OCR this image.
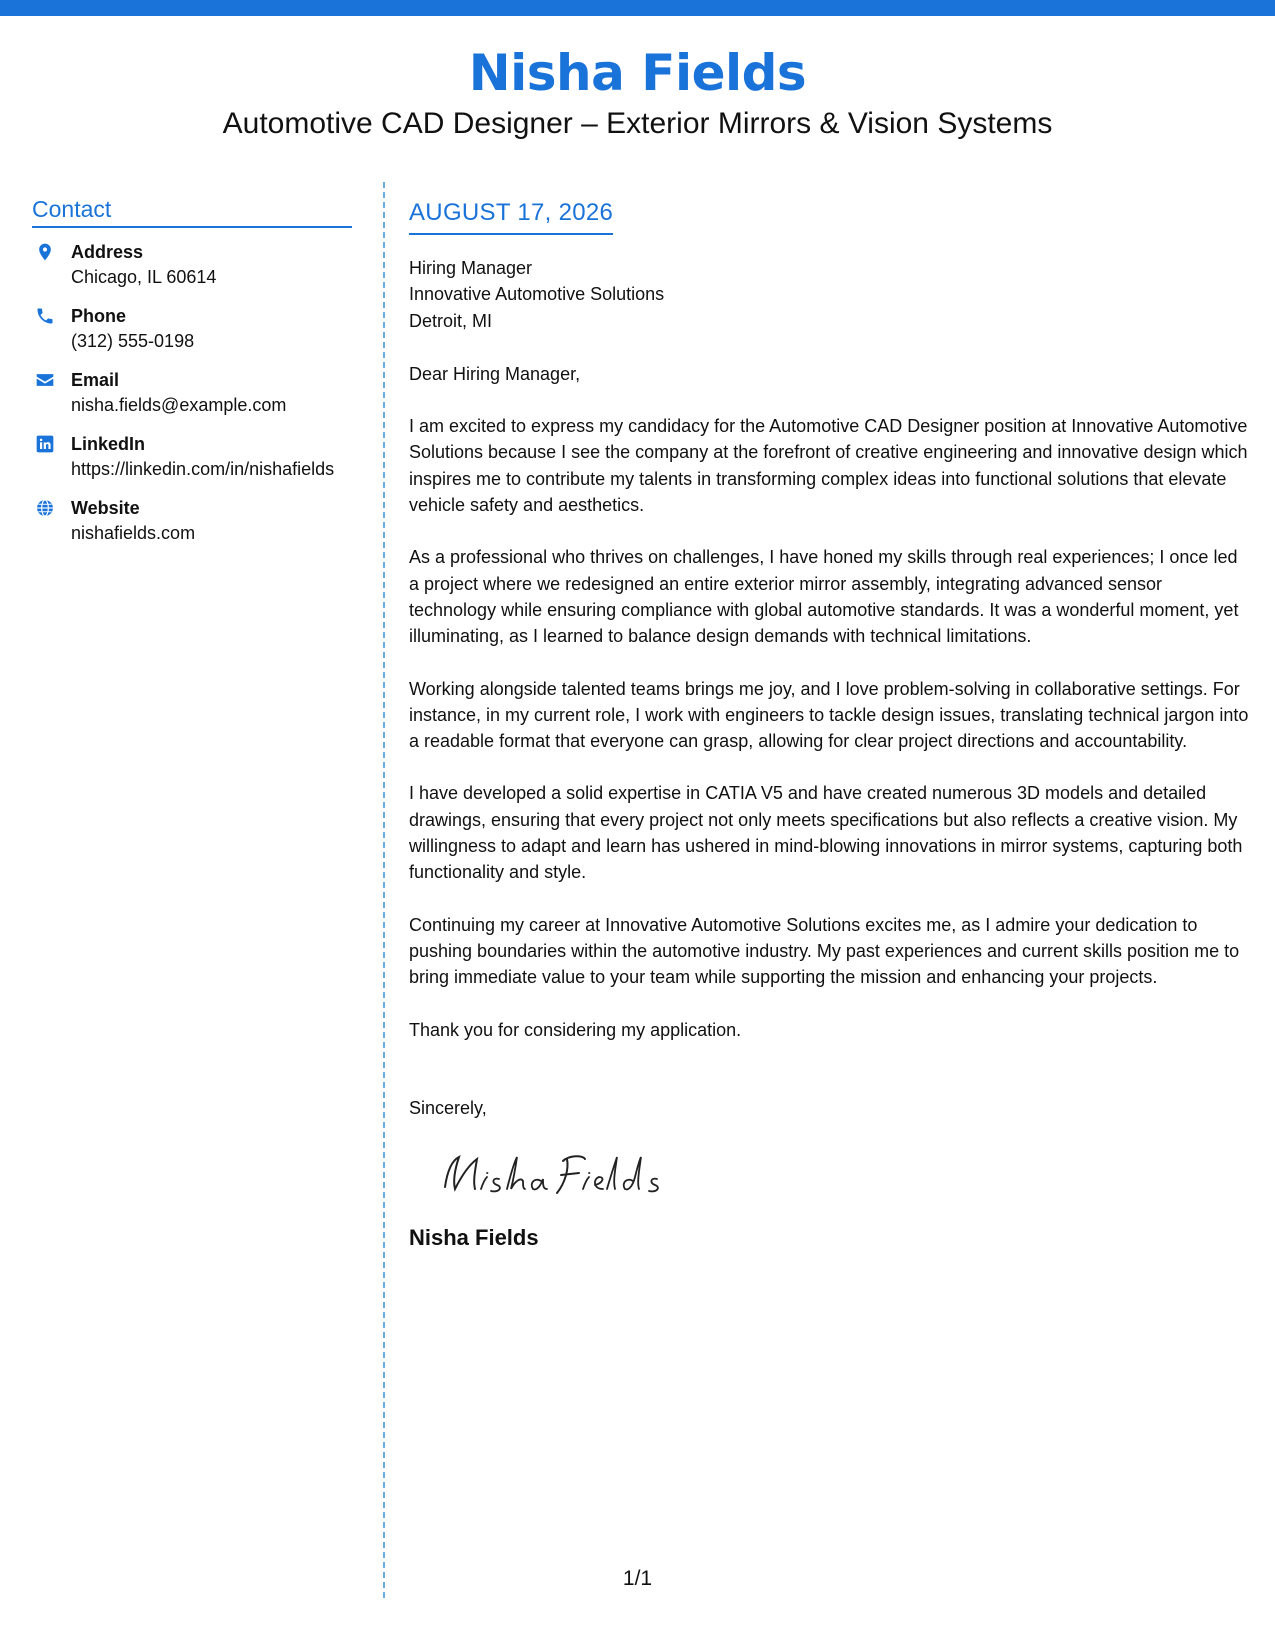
Nisha Fields
Automotive CAD Designer – Exterior Mirrors & Vision Systems
Contact
Address
Chicago, IL 60614
Phone
(312) 555-0198
Email
nisha.fields@example.com
LinkedIn
https://linkedin.com/in/nishafields
Website
nishafields.com
AUGUST 17, 2026
Hiring Manager
Innovative Automotive Solutions
Detroit, MI
Dear Hiring Manager,
I am excited to express my candidacy for the Automotive CAD Designer position at Innovative Automotive Solutions because I see the company at the forefront of creative engineering and innovative design which inspires me to contribute my talents in transforming complex ideas into functional solutions that elevate vehicle safety and aesthetics.
As a professional who thrives on challenges, I have honed my skills through real experiences; I once led a project where we redesigned an entire exterior mirror assembly, integrating advanced sensor technology while ensuring compliance with global automotive standards. It was a wonderful moment, yet illuminating, as I learned to balance design demands with technical limitations.
Working alongside talented teams brings me joy, and I love problem-solving in collaborative settings. For instance, in my current role, I work with engineers to tackle design issues, translating technical jargon into a readable format that everyone can grasp, allowing for clear project directions and accountability.
I have developed a solid expertise in CATIA V5 and have created numerous 3D models and detailed drawings, ensuring that every project not only meets specifications but also reflects a creative vision. My willingness to adapt and learn has ushered in mind-blowing innovations in mirror systems, capturing both functionality and style.
Continuing my career at Innovative Automotive Solutions excites me, as I admire your dedication to pushing boundaries within the automotive industry. My past experiences and current skills position me to bring immediate value to your team while supporting the mission and enhancing your projects.
Thank you for considering my application.
Sincerely,
Nisha Fields
1/1
